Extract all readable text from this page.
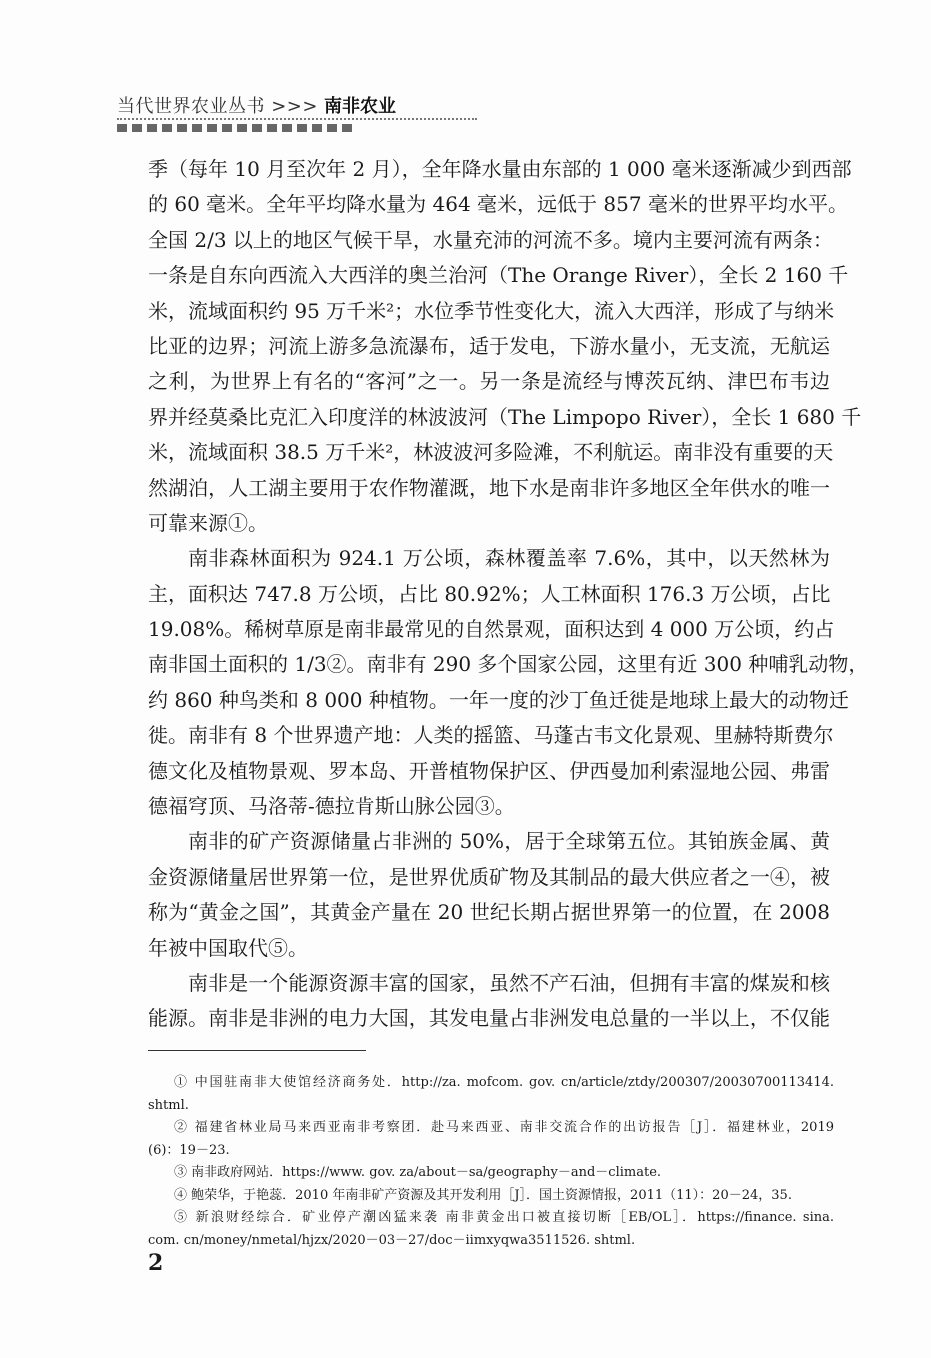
当代世界农业丛书 >>> 南非农业
季（每年 10 月至次年 2 月），全年降水量由东部的 1 000 毫米逐渐减少到西部
的 60 毫米。全年平均降水量为 464 毫米，远低于 857 毫米的世界平均水平。
全国 2/3 以上的地区气候干旱，水量充沛的河流不多。境内主要河流有两条：
一条是自东向西流入大西洋的奥兰治河（The Orange River），全长 2 160 千
米，流域面积约 95 万千米²；水位季节性变化大，流入大西洋，形成了与纳米
比亚的边界；河流上游多急流瀑布，适于发电，下游水量小，无支流，无航运
之利，为世界上有名的“客河”之一。另一条是流经与博茨瓦纳、津巴布韦边
界并经莫桑比克汇入印度洋的林波波河（The Limpopo River），全长 1 680 千
米，流域面积 38.5 万千米²，林波波河多险滩，不利航运。南非没有重要的天
然湖泊，人工湖主要用于农作物灌溉，地下水是南非许多地区全年供水的唯一
可靠来源①。
南非森林面积为 924.1 万公顷，森林覆盖率 7.6%，其中，以天然林为
主，面积达 747.8 万公顷，占比 80.92%；人工林面积 176.3 万公顷，占比
19.08%。稀树草原是南非最常见的自然景观，面积达到 4 000 万公顷，约占
南非国土面积的 1/3②。南非有 290 多个国家公园，这里有近 300 种哺乳动物，
约 860 种鸟类和 8 000 种植物。一年一度的沙丁鱼迁徙是地球上最大的动物迁
徙。南非有 8 个世界遗产地：人类的摇篮、马蓬古韦文化景观、里赫特斯费尔
德文化及植物景观、罗本岛、开普植物保护区、伊西曼加利索湿地公园、弗雷
德福穹顶、马洛蒂-德拉肯斯山脉公园③。
南非的矿产资源储量占非洲的 50%，居于全球第五位。其铂族金属、黄
金资源储量居世界第一位，是世界优质矿物及其制品的最大供应者之一④，被
称为“黄金之国”，其黄金产量在 20 世纪长期占据世界第一的位置，在 2008
年被中国取代⑤。
南非是一个能源资源丰富的国家，虽然不产石油，但拥有丰富的煤炭和核
能源。南非是非洲的电力大国，其发电量占非洲发电总量的一半以上，不仅能
① 中国驻南非大使馆经济商务处．http://za. mofcom. gov. cn/article/ztdy/200307/20030700113414.
shtml.
② 福建省林业局马来西亚南非考察团．赴马来西亚、南非交流合作的出访报告［J］．福建林业，2019
(6)：19－23.
③ 南非政府网站．https://www. gov. za/about－sa/geography－and－climate.
④ 鲍荣华，于艳蕊．2010 年南非矿产资源及其开发利用［J］．国土资源情报，2011（11）：20－24，35.
⑤ 新浪财经综合．矿业停产潮凶猛来袭 南非黄金出口被直接切断［EB/OL］．https://finance. sina.
com. cn/money/nmetal/hjzx/2020－03－27/doc－iimxyqwa3511526. shtml.
2
